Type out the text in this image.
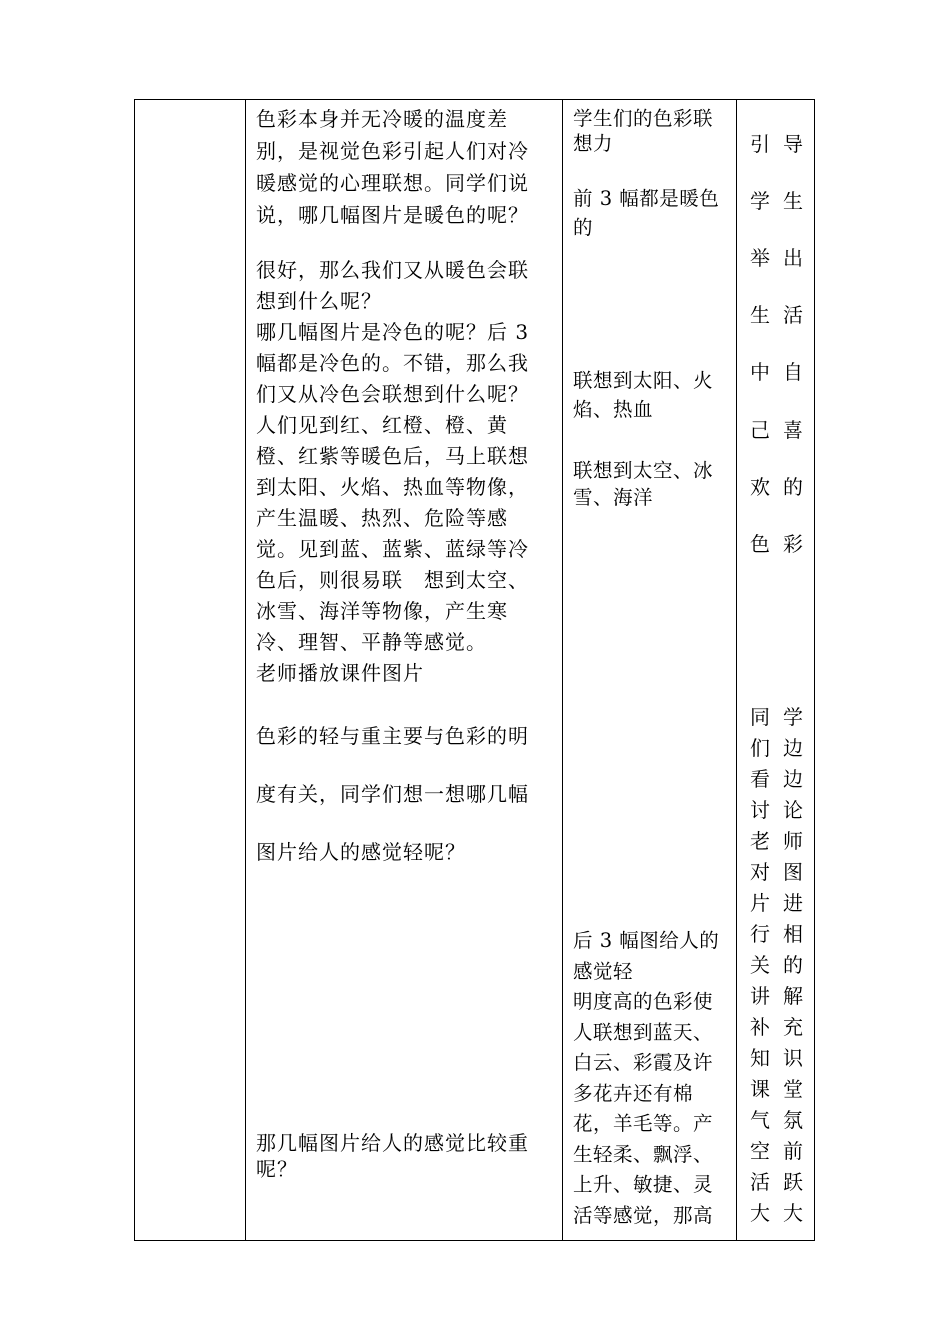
色彩本身并无冷暖的温度差
别，是视觉色彩引起人们对冷
暖感觉的心理联想。同学们说
说，哪几幅图片是暖色的呢？
很好，那么我们又从暖色会联
想到什么呢？
哪几幅图片是冷色的呢？后 3
幅都是冷色的。不错，那么我
们又从冷色会联想到什么呢？
人们见到红、红橙、橙、黄
橙、红紫等暖色后，马上联想
到太阳、火焰、热血等物像，
产生温暖、热烈、危险等感
觉。见到蓝、蓝紫、蓝绿等冷
色后，则很易联　想到太空、
冰雪、海洋等物像，产生寒
冷、理智、平静等感觉。
老师播放课件图片
色彩的轻与重主要与色彩的明
度有关，同学们想一想哪几幅
图片给人的感觉轻呢？
那几幅图片给人的感觉比较重
呢？
学生们的色彩联
想力
前 3 幅都是暖色
的
联想到太阳、火
焰、热血
联想到太空、冰
雪、海洋
后 3 幅图给人的
感觉轻
明度高的色彩使
人联想到蓝天、
白云、彩霞及许
多花卉还有棉
花，羊毛等。产
生轻柔、飘浮、
上升、敏捷、灵
活等感觉，那高
引
学
举
生
中
己
欢
色
导
生
出
活
自
喜
的
彩
同
们
看
讨
老
对
片
行
关
讲
补
知
课
气
空
活
大
学
边
边
论
师
图
进
相
的
解
充
识
堂
氛
前
跃
大
